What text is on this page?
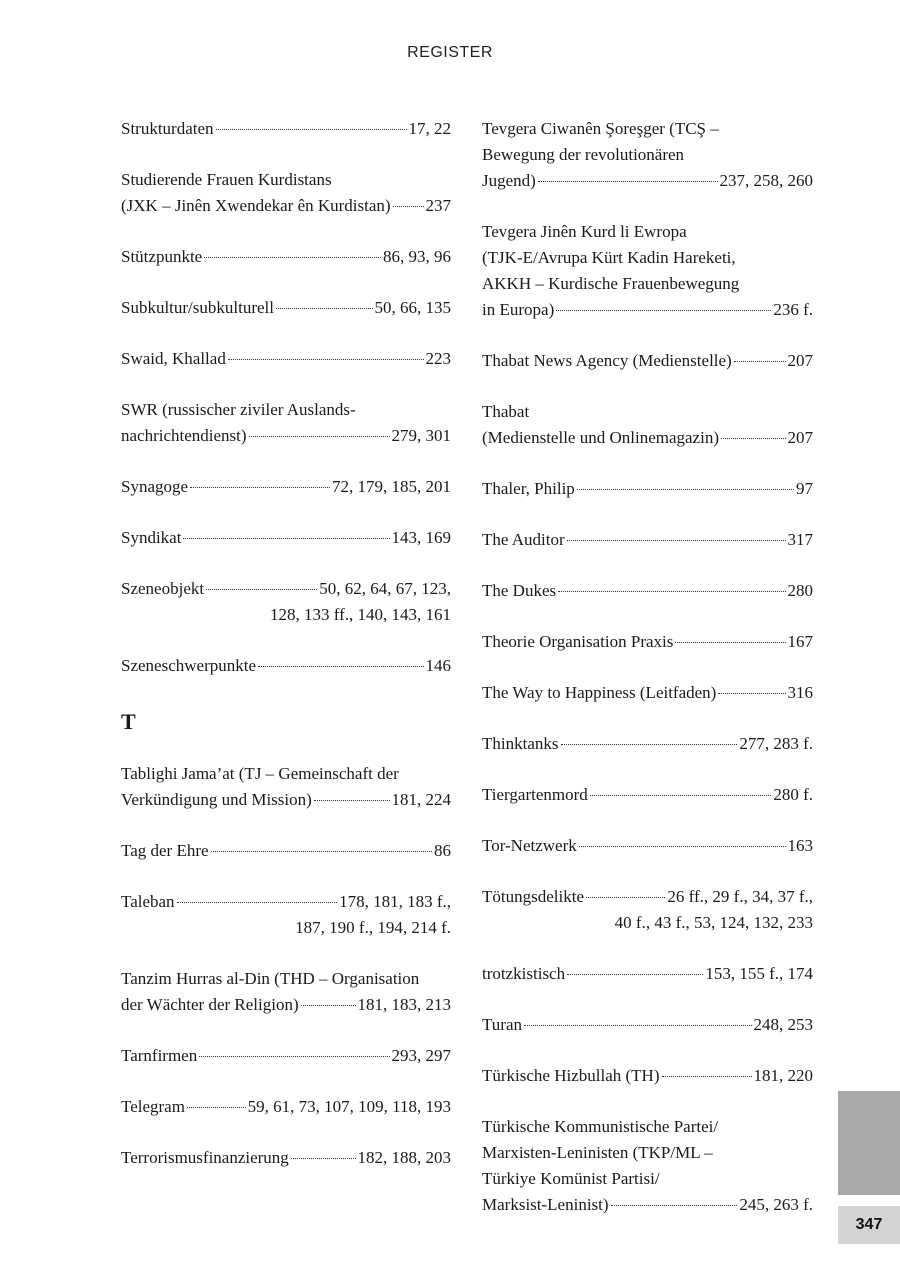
REGISTER
Strukturdaten	17, 22
Studierende Frauen Kurdistans
(JXK – Jinên Xwendekar ên Kurdistan) 237
Stützpunkte	86, 93, 96
Subkultur/subkulturell	50, 66, 135
Swaid, Khallad	223
SWR (russischer ziviler Auslands-
nachrichtendienst)	279, 301
Synagoge	72, 179, 185, 201
Syndikat	143, 169
Szeneobjekt	50, 62, 64, 67, 123,
128, 133 ff., 140, 143, 161
Szeneschwerpunkte	146
T
Tablighi Jama’at (TJ – Gemeinschaft der
Verkündigung und Mission)	181, 224
Tag der Ehre	86
Taleban	178, 181, 183 f.,
187, 190 f., 194, 214 f.
Tanzim Hurras al-Din (THD – Organisation
der Wächter der Religion)	181, 183, 213
Tarnfirmen	293, 297
Telegram	59, 61, 73, 107, 109, 118, 193
Terrorismusfinanzierung	182, 188, 203
Tevgera Ciwanên Şoreşger (TCŞ –
Bewegung der revolutionären
Jugend)	237, 258, 260
Tevgera Jinên Kurd li Ewropa
(TJK-E/Avrupa Kürt Kadin Hareketi,
AKKH – Kurdische Frauenbewegung
in Europa)	236 f.
Thabat News Agency (Medienstelle)	207
Thabat
(Medienstelle und Onlinemagazin)	207
Thaler, Philip	97
The Auditor	317
The Dukes	280
Theorie Organisation Praxis	167
The Way to Happiness (Leitfaden)	316
Thinktanks	277, 283 f.
Tiergartenmord	280 f.
Tor-Netzwerk	163
Tötungsdelikte	26 ff., 29 f., 34, 37 f.,
40 f., 43 f., 53, 124, 132, 233
trotzkistisch	153, 155 f., 174
Turan	248, 253
Türkische Hizbullah (TH)	181, 220
Türkische Kommunistische Partei/
Marxisten-Leninisten (TKP/ML –
Türkiye Komünist Partisi/
Marksist-Leninist)	245, 263 f.
347
